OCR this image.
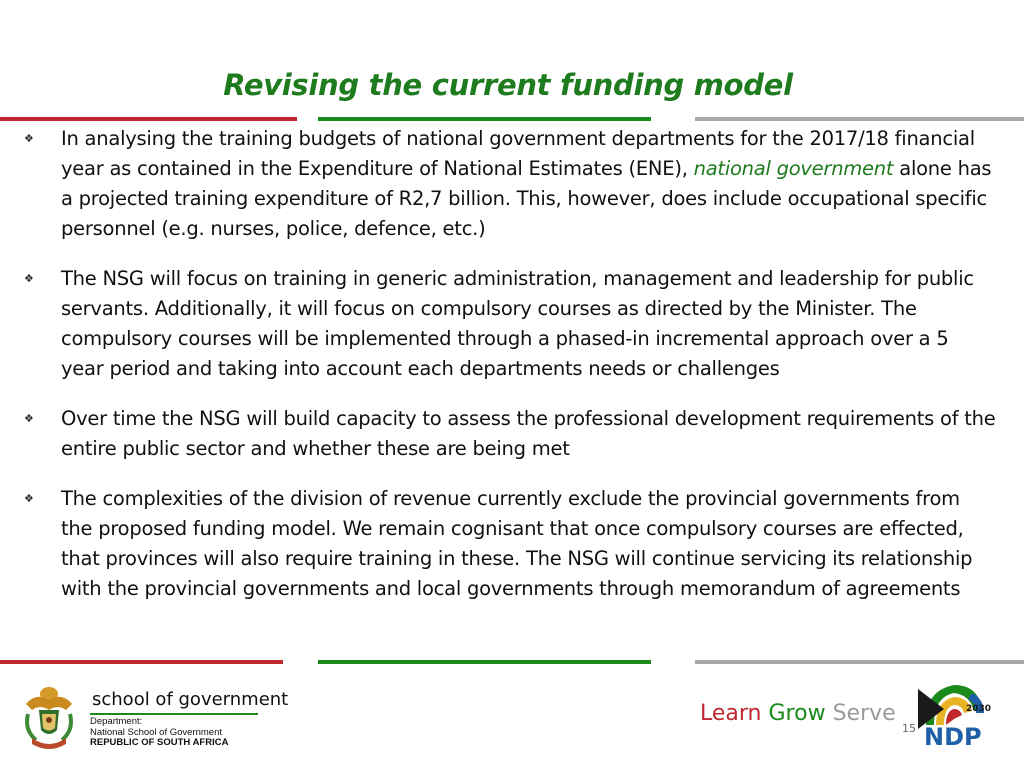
Revising the current funding model
❖ In analysing the training budgets of national government departments for the 2017/18 financial year as contained in the Expenditure of National Estimates (ENE), national government alone has a projected training expenditure of R2,7 billion. This, however, does include occupational specific personnel (e.g. nurses, police, defence, etc.)
❖ The NSG will focus on training in generic administration, management and leadership for public servants. Additionally, it will focus on compulsory courses as directed by the Minister. The compulsory courses will be implemented through a phased-in incremental approach over a 5 year period and taking into account each departments needs or challenges
❖ Over time the NSG will build capacity to assess the professional development requirements of the entire public sector and whether these are being met
❖ The complexities of the division of revenue currently exclude the provincial governments from the proposed funding model. We remain cognisant that once compulsory courses are effected, that provinces will also require training in these. The NSG will continue servicing its relationship with the provincial governments and local governments through memorandum of agreements
school of government
Department:
National School of Government
REPUBLIC OF SOUTH AFRICA
Learn Grow Serve
15
2030
NDP
